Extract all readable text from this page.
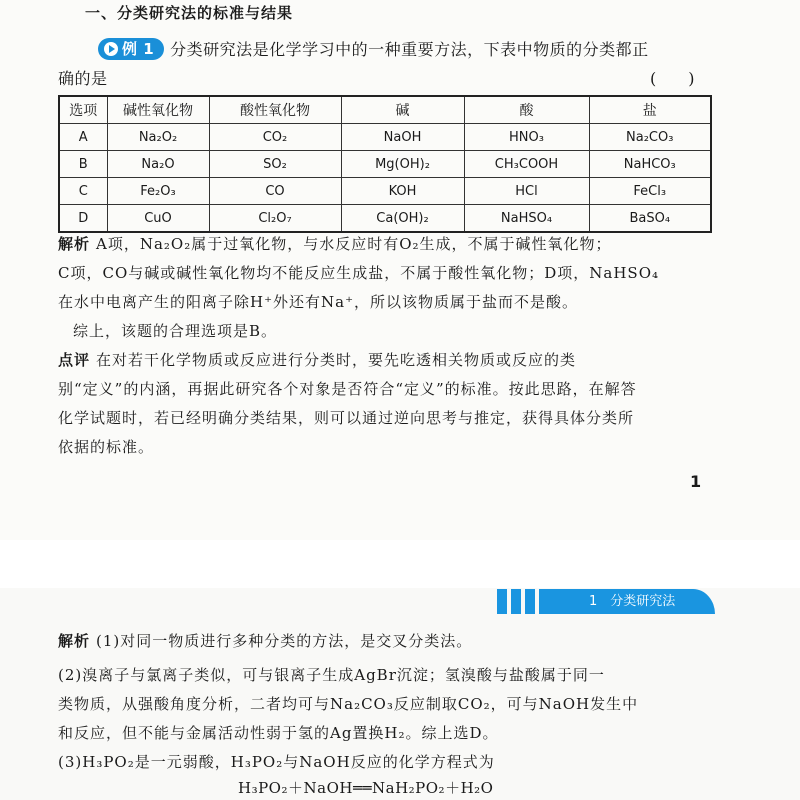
一、分类研究法的标准与结果
例 1 分类研究法是化学学习中的一种重要方法，下表中物质的分类都正
确的是	(　　)
选项	碱性氧化物	酸性氧化物	碱	酸	盐
A	Na₂O₂	CO₂	NaOH	HNO₃	Na₂CO₃
B	Na₂O	SO₂	Mg(OH)₂	CH₃COOH	NaHCO₃
C	Fe₂O₃	CO	KOH	HCl	FeCl₃
D	CuO	Cl₂O₇	Ca(OH)₂	NaHSO₄	BaSO₄
解析 A项，Na₂O₂属于过氧化物，与水反应时有O₂生成，不属于碱性氧化物；
C项，CO与碱或碱性氧化物均不能反应生成盐，不属于酸性氧化物；D项，NaHSO₄
在水中电离产生的阳离子除H⁺外还有Na⁺，所以该物质属于盐而不是酸。
综上，该题的合理选项是B。
点评 在对若干化学物质或反应进行分类时，要先吃透相关物质或反应的类
别“定义”的内涵，再据此研究各个对象是否符合“定义”的标准。按此思路，在解答
化学试题时，若已经明确分类结果，则可以通过逆向思考与推定，获得具体分类所
依据的标准。
1
1　分类研究法
解析 (1)对同一物质进行多种分类的方法，是交叉分类法。
(2)溴离子与氯离子类似，可与银离子生成AgBr沉淀；氢溴酸与盐酸属于同一
类物质，从强酸角度分析，二者均可与Na₂CO₃反应制取CO₂，可与NaOH发生中
和反应，但不能与金属活动性弱于氢的Ag置换H₂。综上选D。
(3)H₃PO₂是一元弱酸，H₃PO₂与NaOH反应的化学方程式为
H₃PO₂＋NaOH══NaH₂PO₂＋H₂O
